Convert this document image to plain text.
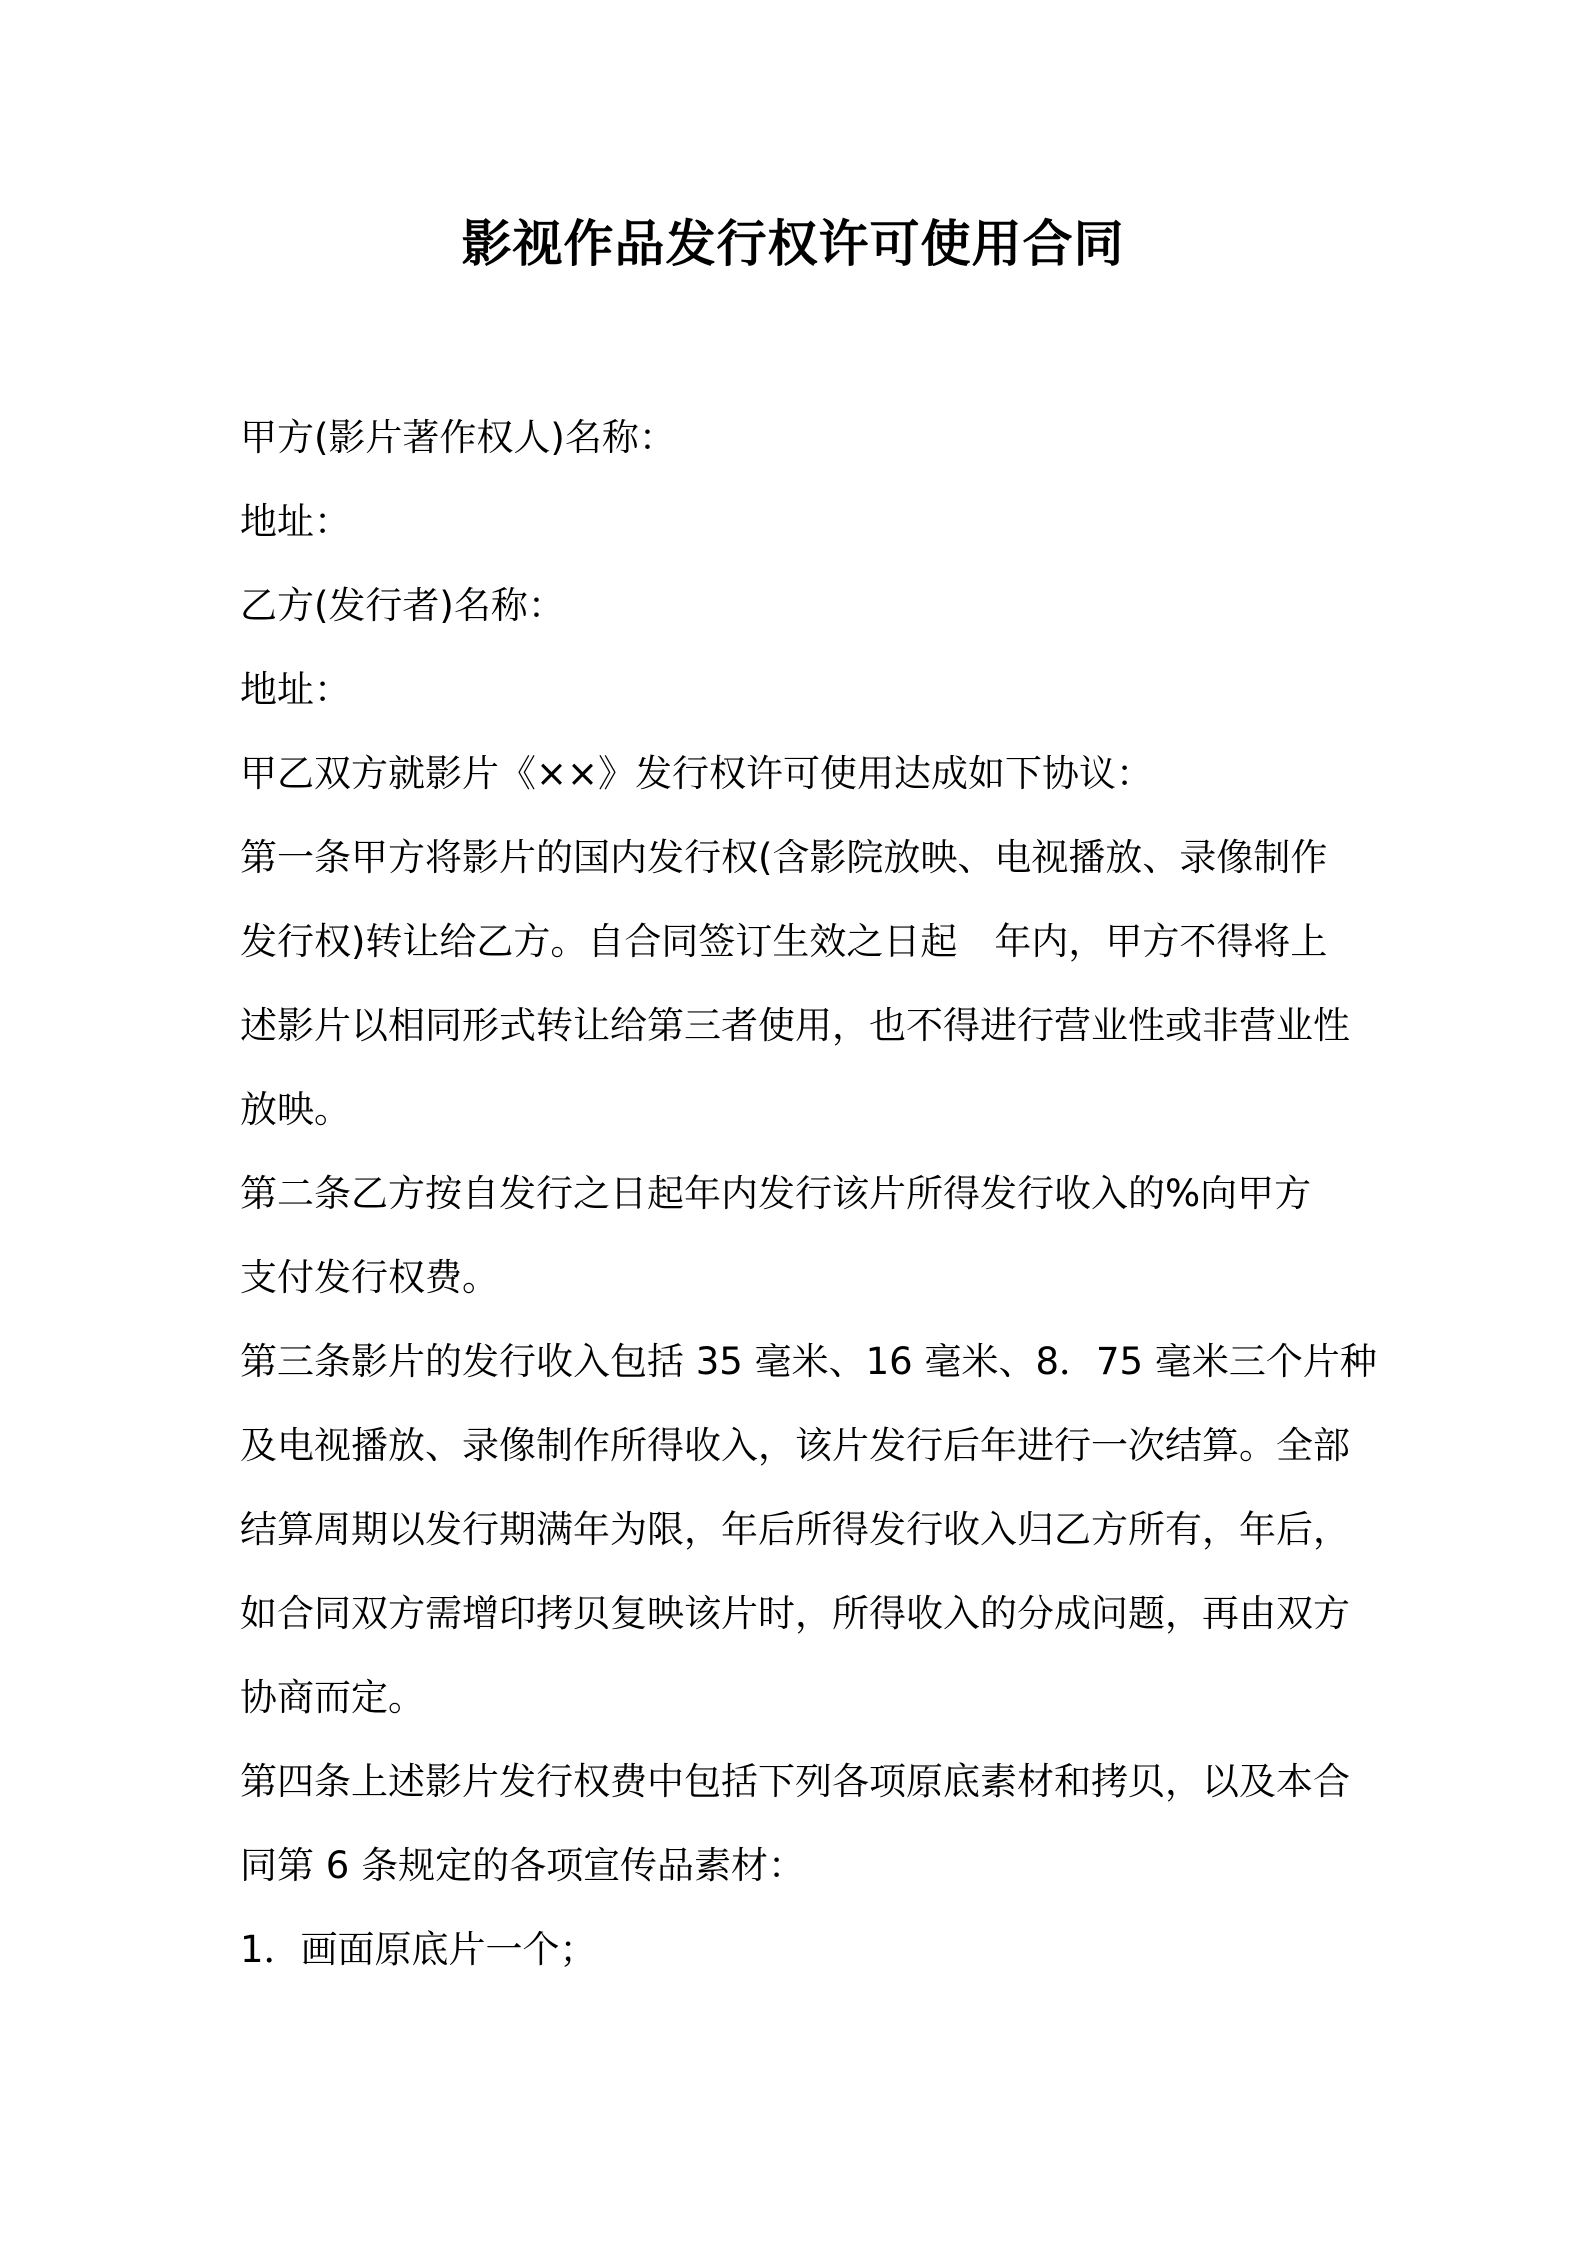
影视作品发行权许可使用合同

甲方(影片著作权人)名称：

地址：

乙方(发行者)名称：

地址：

甲乙双方就影片《××》发行权许可使用达成如下协议：

第一条甲方将影片的国内发行权(含影院放映、电视播放、录像制作

发行权)转让给乙方。自合同签订生效之日起　年内，甲方不得将上

述影片以相同形式转让给第三者使用，也不得进行营业性或非营业性

放映。

第二条乙方按自发行之日起年内发行该片所得发行收入的%向甲方

支付发行权费。

第三条影片的发行收入包括 35 毫米、16 毫米、8．75 毫米三个片种

及电视播放、录像制作所得收入，该片发行后年进行一次结算。全部

结算周期以发行期满年为限，年后所得发行收入归乙方所有，年后，

如合同双方需增印拷贝复映该片时，所得收入的分成问题，再由双方

协商而定。

第四条上述影片发行权费中包括下列各项原底素材和拷贝，以及本合

同第 6 条规定的各项宣传品素材：

1．画面原底片一个；
